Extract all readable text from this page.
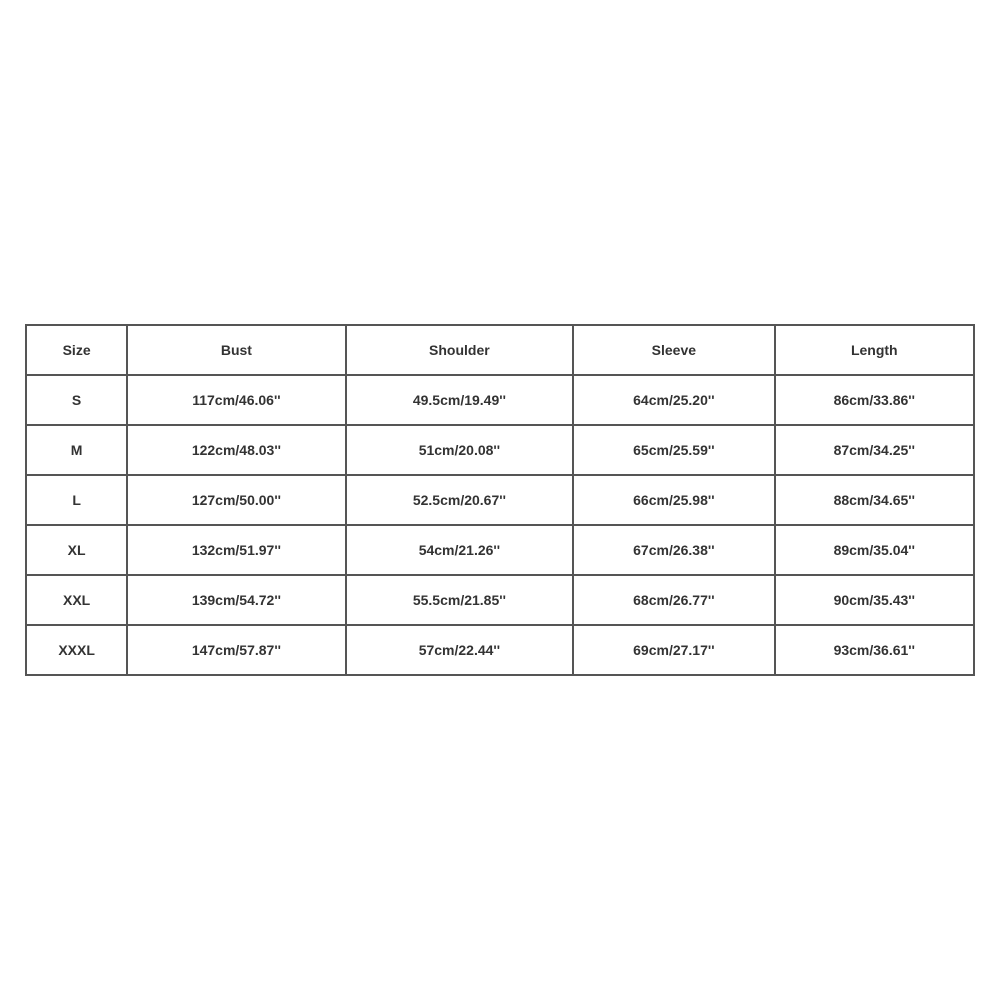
Size	Bust	Shoulder	Sleeve	Length
S	117cm/46.06''	49.5cm/19.49''	64cm/25.20''	86cm/33.86''
M	122cm/48.03''	51cm/20.08''	65cm/25.59''	87cm/34.25''
L	127cm/50.00''	52.5cm/20.67''	66cm/25.98''	88cm/34.65''
XL	132cm/51.97''	54cm/21.26''	67cm/26.38''	89cm/35.04''
XXL	139cm/54.72''	55.5cm/21.85''	68cm/26.77''	90cm/35.43''
XXXL	147cm/57.87''	57cm/22.44''	69cm/27.17''	93cm/36.61''
